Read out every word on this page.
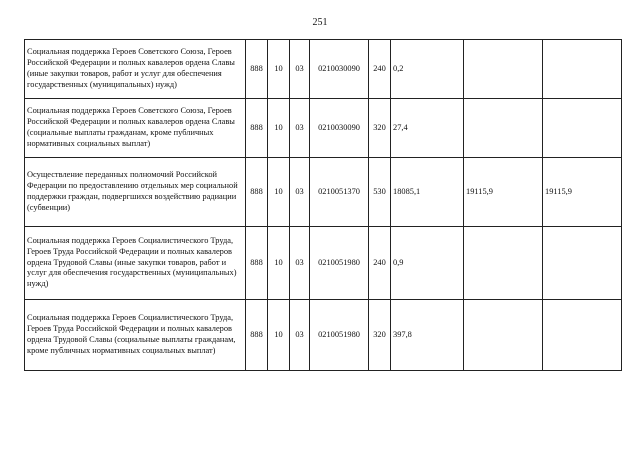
251
Социальная поддержка Героев Советского Союза, Героев Российской Федерации и полных кавалеров ордена Славы (иные закупки товаров, работ и услуг для обеспечения государственных (муниципальных) нужд)	888	10	03	0210030090	240	0,2		
Социальная поддержка Героев Советского Союза, Героев Российской Федерации и полных кавалеров ордена Славы (социальные выплаты гражданам, кроме публичных нормативных социальных выплат)	888	10	03	0210030090	320	27,4		
Осуществление переданных полномочий Российской Федерации по предоставлению отдельных мер социальной поддержки граждан, подвергшихся воздействию радиации (субвенции)	888	10	03	0210051370	530	18085,1	19115,9	19115,9
Социальная поддержка Героев Социалистического Труда, Героев Труда Российской Федерации и полных кавалеров ордена Трудовой Славы (иные закупки товаров, работ и услуг для обеспечения государственных (муниципальных) нужд)	888	10	03	0210051980	240	0,9		
Социальная поддержка Героев Социалистического Труда, Героев Труда Российской Федерации и полных кавалеров ордена Трудовой Славы (социальные выплаты гражданам, кроме публичных нормативных социальных выплат)	888	10	03	0210051980	320	397,8		
